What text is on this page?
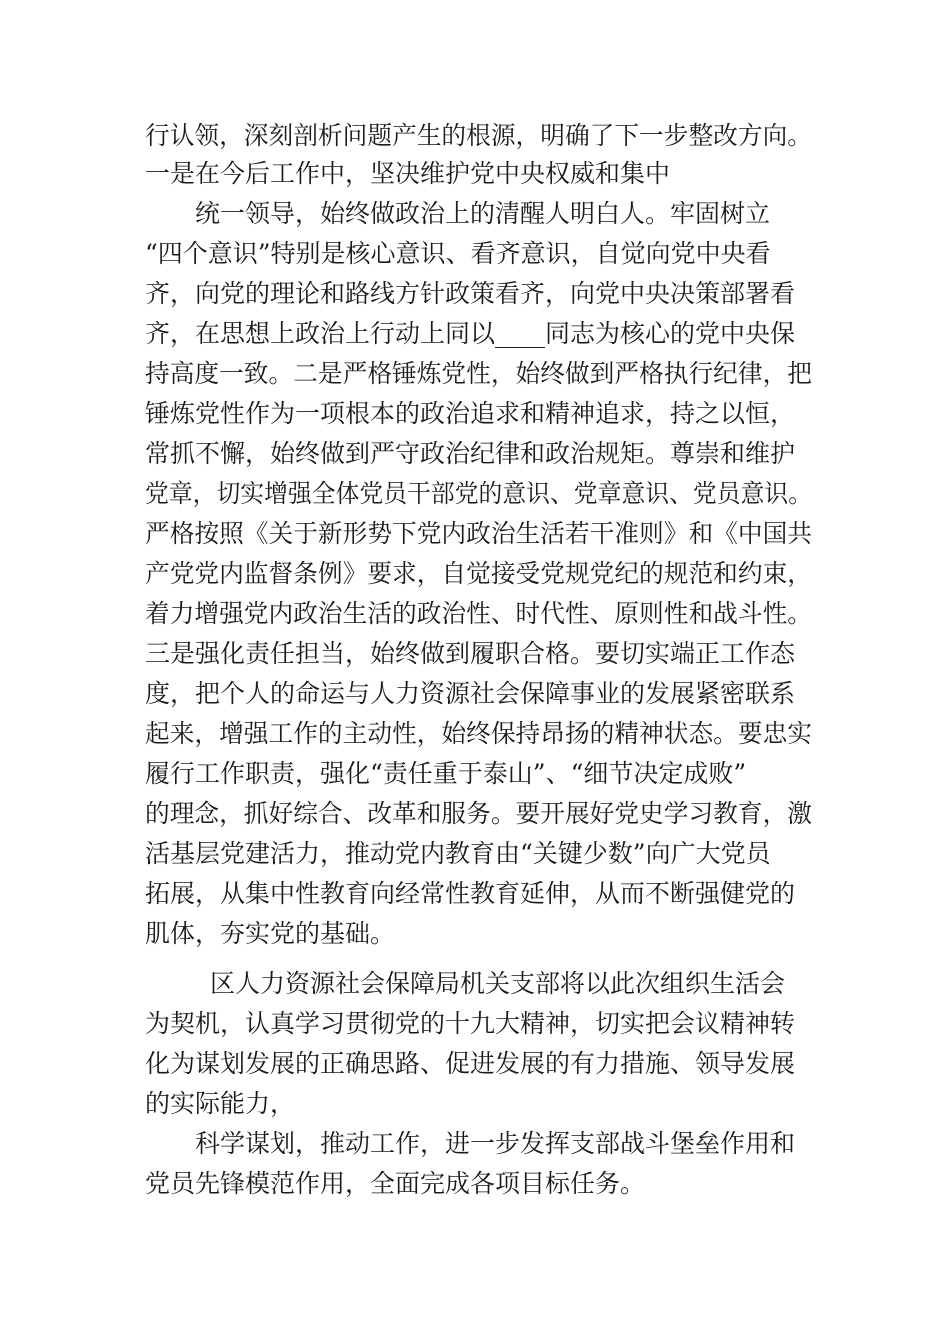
行认领，深刻剖析问题产生的根源，明确了下一步整改方向。
一是在今后工作中，坚决维护党中央权威和集中
统一领导，始终做政治上的清醒人明白人。牢固树立
“四个意识”特别是核心意识、看齐意识，自觉向党中央看
齐，向党的理论和路线方针政策看齐，向党中央决策部署看
齐，在思想上政治上行动上同以____同志为核心的党中央保
持高度一致。二是严格锤炼党性，始终做到严格执行纪律，把
锤炼党性作为一项根本的政治追求和精神追求，持之以恒，
常抓不懈，始终做到严守政治纪律和政治规矩。尊崇和维护
党章，切实增强全体党员干部党的意识、党章意识、党员意识。
严格按照《关于新形势下党内政治生活若干准则》和《中国共
产党党内监督条例》要求，自觉接受党规党纪的规范和约束，
着力增强党内政治生活的政治性、时代性、原则性和战斗性。
三是强化责任担当，始终做到履职合格。要切实端正工作态
度，把个人的命运与人力资源社会保障事业的发展紧密联系
起来，增强工作的主动性，始终保持昂扬的精神状态。要忠实
履行工作职责，强化“责任重于泰山”、“细节决定成败”
的理念，抓好综合、改革和服务。要开展好党史学习教育，激
活基层党建活力，推动党内教育由“关键少数”向广大党员
拓展，从集中性教育向经常性教育延伸，从而不断强健党的
肌体，夯实党的基础。
区人力资源社会保障局机关支部将以此次组织生活会
为契机，认真学习贯彻党的十九大精神，切实把会议精神转
化为谋划发展的正确思路、促进发展的有力措施、领导发展
的实际能力，
科学谋划，推动工作，进一步发挥支部战斗堡垒作用和
党员先锋模范作用，全面完成各项目标任务。
